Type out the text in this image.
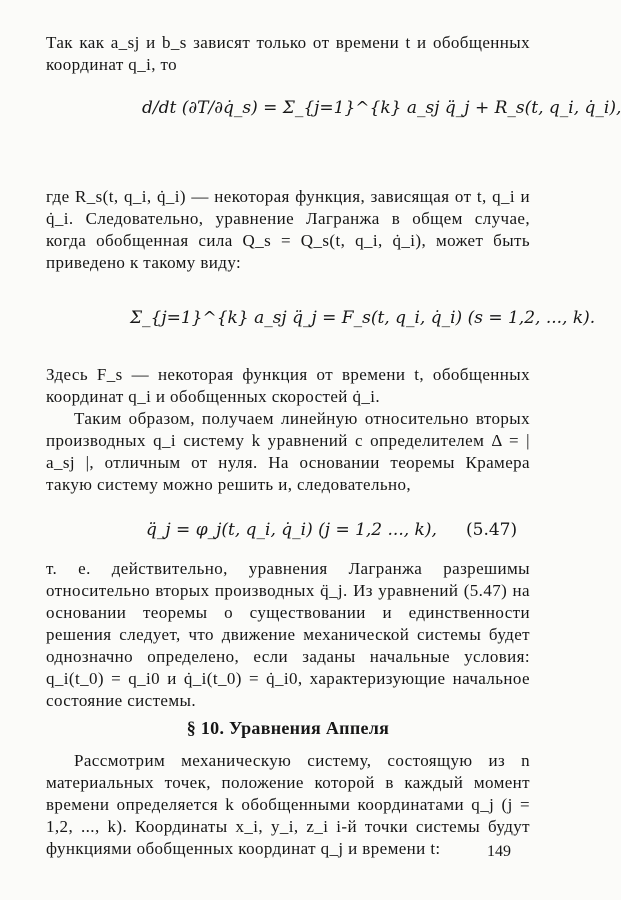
Так как a_sj и b_s зависят только от времени t и обобщенных координат q_i, то

d/dt (∂T/∂q̇_s) = Σ_{j=1}^{k} a_sj q̈_j + R_s(t, q_i, q̇_i),

где R_s(t, q_i, q̇_i) — некоторая функция, зависящая от t, q_i и q̇_i. Следовательно, уравнение Лагранжа в общем случае, когда обобщенная сила Q_s = Q_s(t, q_i, q̇_i), может быть приведено к такому виду:

Σ_{j=1}^{k} a_sj q̈_j = F_s(t, q_i, q̇_i) (s = 1,2, ..., k).

Здесь F_s — некоторая функция от времени t, обобщенных координат q_i и обобщенных скоростей q̇_i.

Таким образом, получаем линейную относительно вторых производных q_i систему k уравнений с определителем Δ = | a_sj |, отличным от нуля. На основании теоремы Крамера такую систему можно решить и, следовательно,

q̈_j = φ_j(t, q_i, q̇_i) (j = 1,2 ..., k), (5.47)

т. е. действительно, уравнения Лагранжа разрешимы относительно вторых производных q̈_j. Из уравнений (5.47) на основании теоремы о существовании и единственности решения следует, что движение механической системы будет однозначно определено, если заданы начальные условия: q_i(t_0) = q_i0 и q̇_i(t_0) = q̇_i0, характеризующие начальное состояние системы.

§ 10. Уравнения Аппеля

Рассмотрим механическую систему, состоящую из n материальных точек, положение которой в каждый момент времени определяется k обобщенными координатами q_j (j = 1,2, ..., k). Координаты x_i, y_i, z_i i-й точки системы будут функциями обобщенных координат q_j и времени t:	149
